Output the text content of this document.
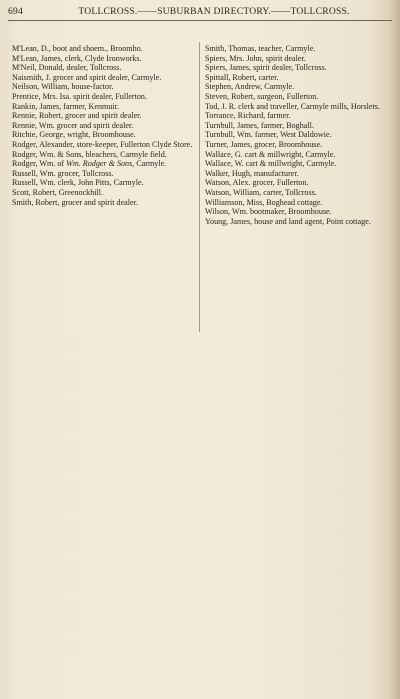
694	TOLLCROSS.——SUBURBAN DIRECTORY.——TOLLCROSS.
M'Lean, D., boot and shoem., Broomho.
M'Lean, James, clerk, Clyde Ironworks.
M'Neil, Donald, dealer, Tollcross.
Naismith, J. grocer and spirit dealer, Carmyle.
Neilson, William, house-factor.
Prentice, Mrs. Isa. spirit dealer, Fullerton.
Rankin, James, farmer, Kenmuir.
Rennie, Robert, grocer and spirit dealer.
Rennie, Wm. grocer and spirit dealer.
Ritchie, George, wright, Broomhouse.
Rodger, Alexander, store-keeper, Fullerton Clyde Store.
Rodger, Wm. & Sons, bleachers, Carmyle field.
Rodger, Wm. of Wm. Rodger & Sons, Carmyle.
Russell, Wm. grocer, Tollcross.
Russell, Wm. clerk, John Pitts, Carmyle.
Scott, Robert, Greenockhill.
Smith, Robert, grocer and spirit dealer.
Smith, Thomas, teacher, Carmyle.
Spiers, Mrs. John, spirit dealer.
Spiers, James, spirit dealer, Tollcross.
Spittall, Robert, carter.
Stephen, Andrew, Carmyle.
Steven, Robert, surgeon, Fullerton.
Tod, J. R. clerk and traveller, Carmyle mills, Horslets.
Torrance, Richard, farmer.
Turnbull, James, farmer, Boghall.
Turnbull, Wm. farmer, West Daldowie.
Turner, James, grocer, Broomhouse.
Wallace, G. cart & millwright, Carmyle.
Wallace, W. cart & millwright, Carmyle.
Walker, Hugh, manufacturer.
Watson, Alex. grocer, Fullerton.
Watson, William, carter, Tollcross.
Williamson, Miss, Boghead cottage.
Wilson, Wm. bootmaker, Broomhouse.
Young, James, house and land agent, Point cottage.
